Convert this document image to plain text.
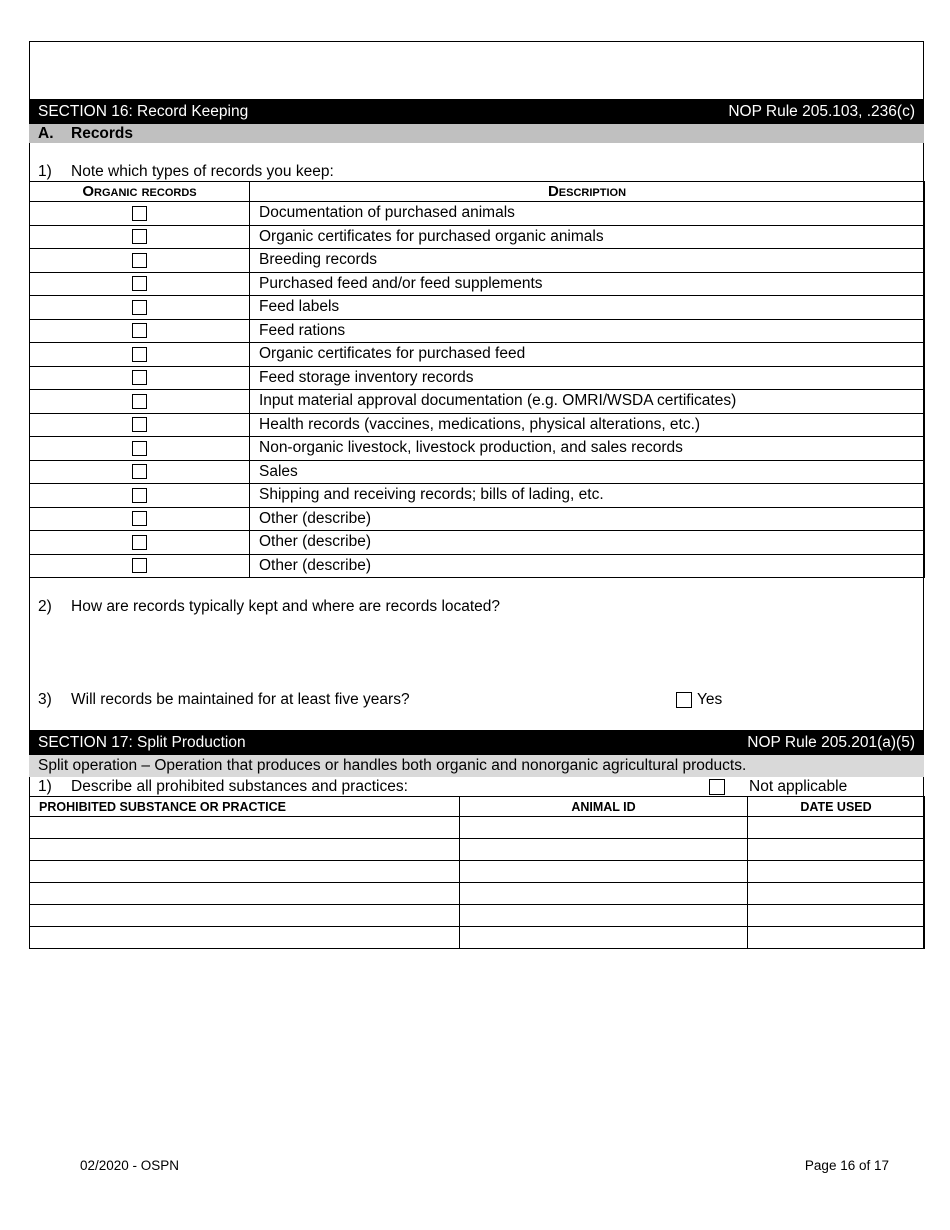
SECTION 16: Record Keeping	NOP Rule 205.103, .236(c)
A.	Records
1)	Note which types of records you keep:
Organic records	Description
	Documentation of purchased animals
	Organic certificates for purchased organic animals
	Breeding records
	Purchased feed and/or feed supplements
	Feed labels
	Feed rations
	Organic certificates for purchased feed
	Feed storage inventory records
	Input material approval documentation (e.g. OMRI/WSDA certificates)
	Health records (vaccines, medications, physical alterations, etc.)
	Non-organic livestock, livestock production, and sales records
	Sales
	Shipping and receiving records; bills of lading, etc.
	Other (describe)
	Other (describe)
	Other (describe)
2)	How are records typically kept and where are records located?
3)	Will records be maintained for at least five years?	Yes
SECTION 17: Split Production	NOP Rule 205.201(a)(5)
Split operation – Operation that produces or handles both organic and nonorganic agricultural products.
1)	Describe all prohibited substances and practices:	Not applicable
PROHIBITED SUBSTANCE OR PRACTICE	ANIMAL ID	DATE USED

02/2020 - OSPN	Page 16 of 17
